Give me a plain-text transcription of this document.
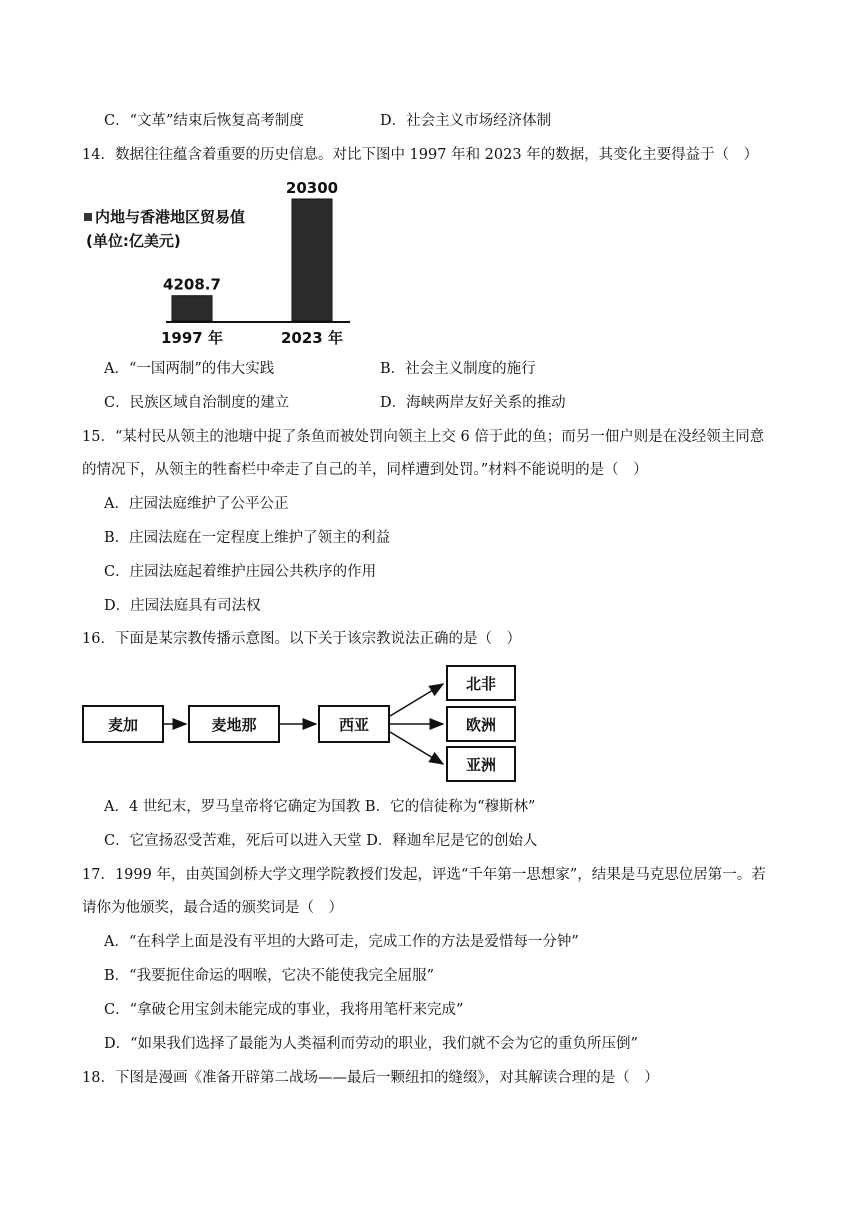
C．“文革”结束后恢复高考制度	D．社会主义市场经济体制
14．数据往往蕴含着重要的历史信息。对比下图中 1997 年和 2023 年的数据，其变化主要得益于（　）
内地与香港地区贸易值
(单位:亿美元)
4208.7
1997 年
20300
2023 年
A．“一国两制”的伟大实践	B．社会主义制度的施行
C．民族区域自治制度的建立	D．海峡两岸友好关系的推动
15．“某村民从领主的池塘中捉了条鱼而被处罚向领主上交 6 倍于此的鱼；而另一佃户则是在没经领主同意
的情况下，从领主的牲畜栏中牵走了自己的羊，同样遭到处罚。”材料不能说明的是（　）
A．庄园法庭维护了公平公正
B．庄园法庭在一定程度上维护了领主的利益
C．庄园法庭起着维护庄园公共秩序的作用
D．庄园法庭具有司法权
16．下面是某宗教传播示意图。以下关于该宗教说法正确的是（　）
麦加	麦地那	西亚
北非
欧洲
亚洲
A．4 世纪末，罗马皇帝将它确定为国教 B．它的信徒称为“穆斯林”
C．它宣扬忍受苦难，死后可以进入天堂 D．释迦牟尼是它的创始人
17．1999 年，由英国剑桥大学文理学院教授们发起，评选“千年第一思想家”，结果是马克思位居第一。若
请你为他颁奖，最合适的颁奖词是（　）
A．“在科学上面是没有平坦的大路可走，完成工作的方法是爱惜每一分钟”
B．“我要扼住命运的咽喉，它决不能使我完全屈服”
C．“拿破仑用宝剑未能完成的事业，我将用笔杆来完成”
D．“如果我们选择了最能为人类福利而劳动的职业，我们就不会为它的重负所压倒”
18．下图是漫画《准备开辟第二战场——最后一颗纽扣的缝缀》，对其解读合理的是（　）
